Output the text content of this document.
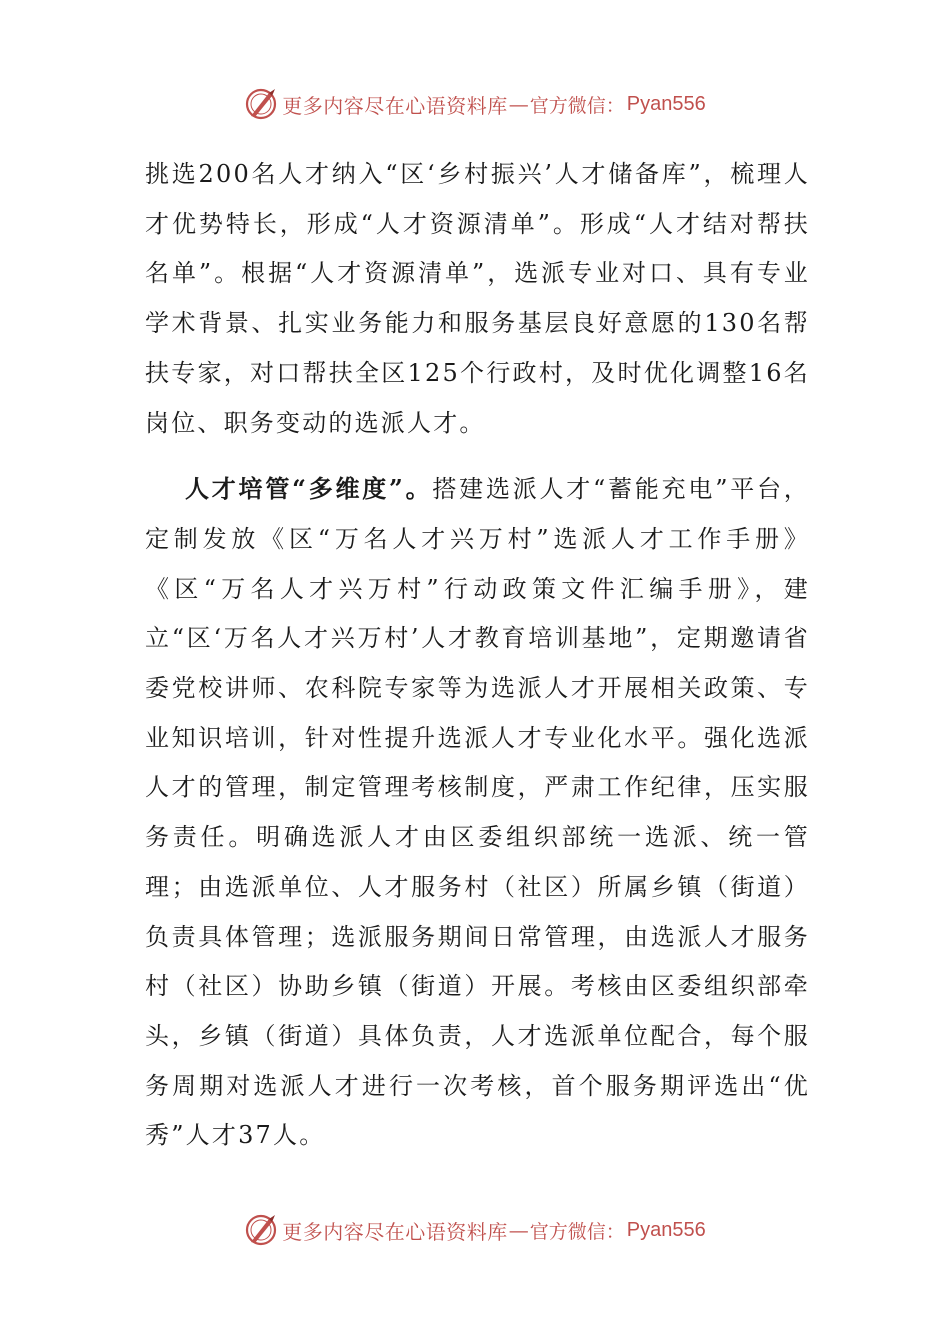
更多内容尽在心语资料库 — 官方微信： Pyan556

挑选200名人才纳入“区‘乡村振兴’人才储备库”，梳理人才优势特长，形成“人才资源清单”。形成“人才结对帮扶名单”。根据“人才资源清单”，选派专业对口、具有专业学术背景、扎实业务能力和服务基层良好意愿的130名帮扶专家，对口帮扶全区125个行政村，及时优化调整16名岗位、职务变动的选派人才。

人才培管“多维度”。搭建选派人才“蓄能充电”平台，定制发放《区“万名人才兴万村”选派人才工作手册》《区“万名人才兴万村”行动政策文件汇编手册》，建立“区‘万名人才兴万村’人才教育培训基地”，定期邀请省委党校讲师、农科院专家等为选派人才开展相关政策、专业知识培训，针对性提升选派人才专业化水平。强化选派人才的管理，制定管理考核制度，严肃工作纪律，压实服务责任。明确选派人才由区委组织部统一选派、统一管理；由选派单位、人才服务村（社区）所属乡镇（街道）负责具体管理；选派服务期间日常管理，由选派人才服务村（社区）协助乡镇（街道）开展。考核由区委组织部牵头，乡镇（街道）具体负责，人才选派单位配合，每个服务周期对选派人才进行一次考核，首个服务期评选出“优秀”人才37人。

更多内容尽在心语资料库 — 官方微信： Pyan556
